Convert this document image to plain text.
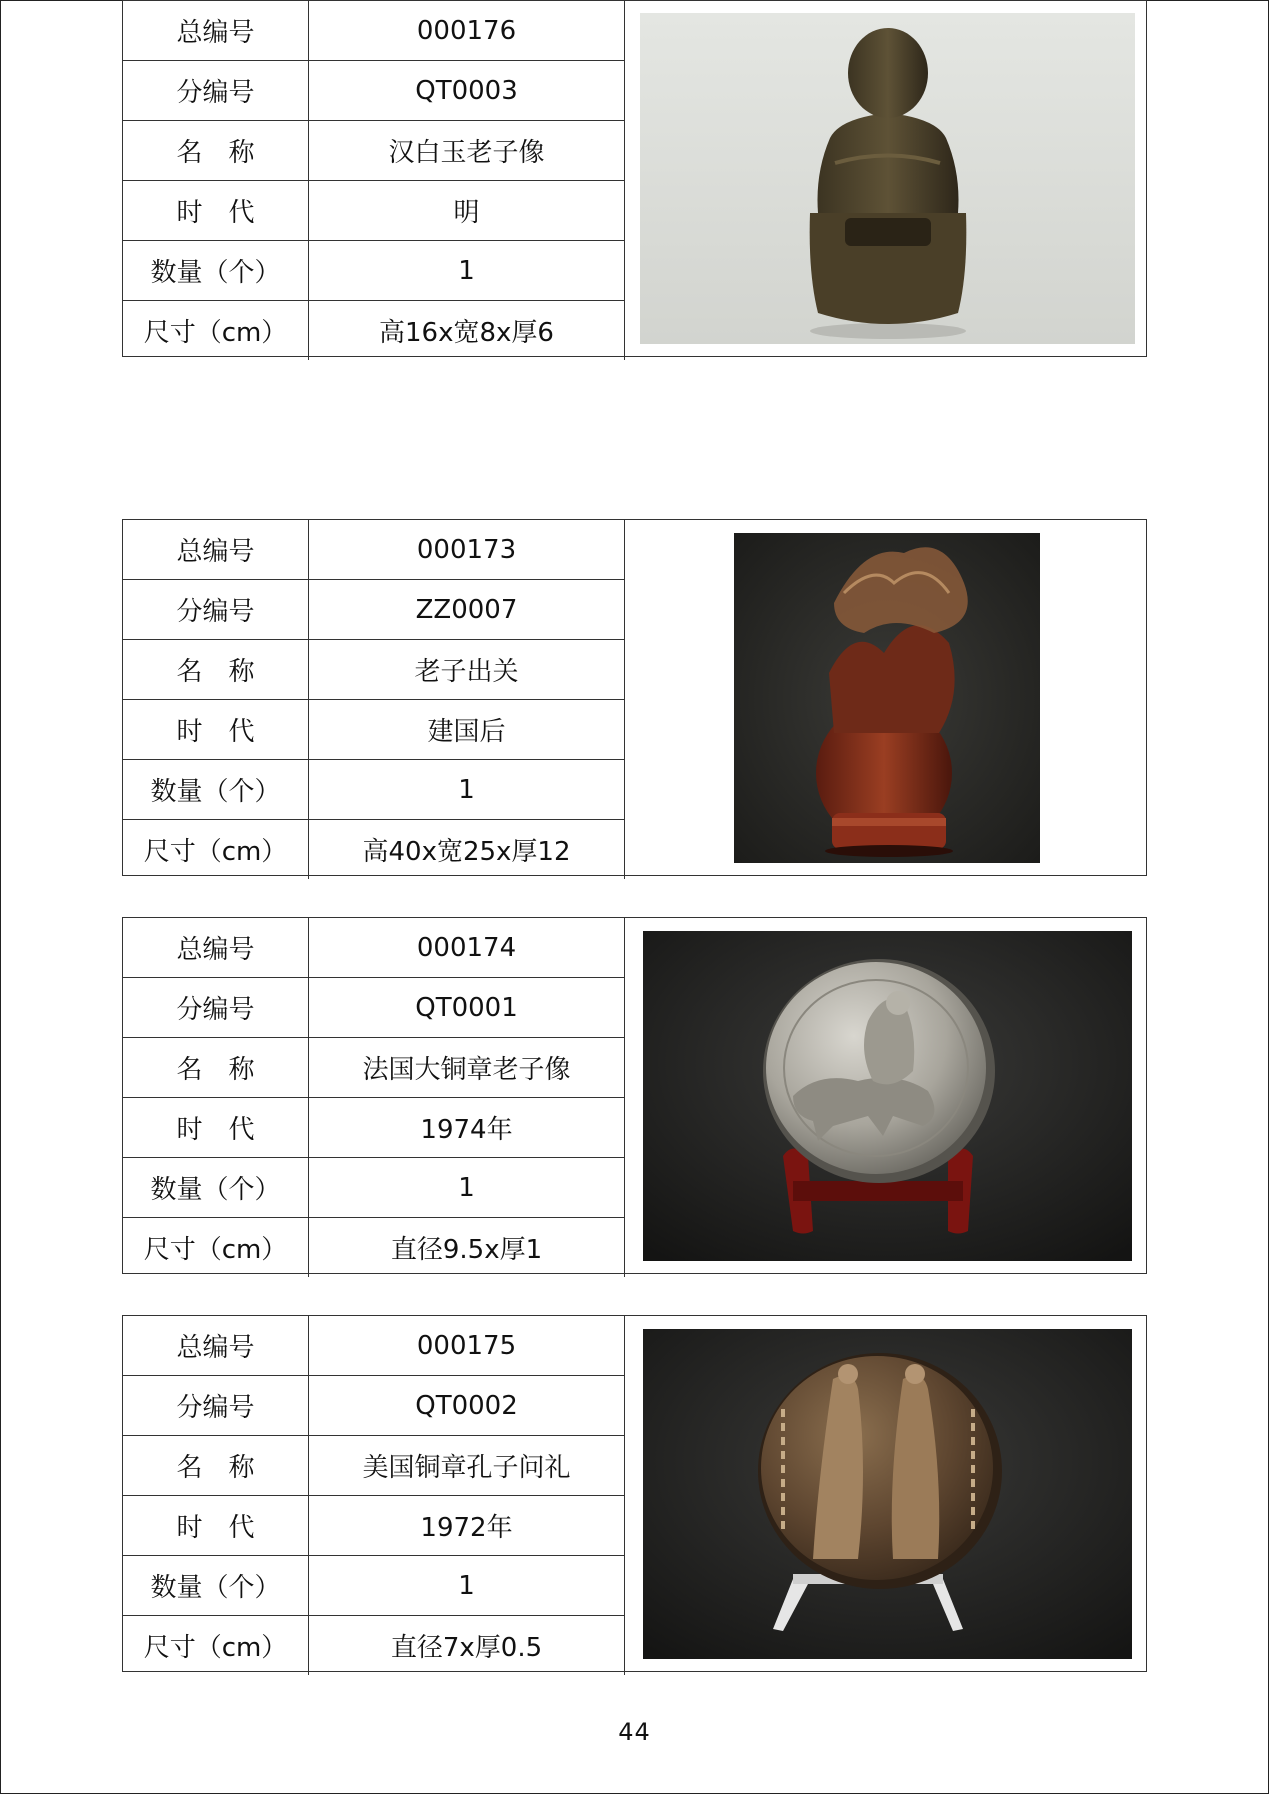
总编号	000173
分编号	ZZ0007
名　称	老子出关
时　代	建国后
数量（个）	1
尺寸（cm）	高40x宽25x厚12
总编号	000174
分编号	QT0001
名　称	法国大铜章老子像
时　代	1974年
数量（个）	1
尺寸（cm）	直径9.5x厚1
总编号	000175
分编号	QT0002
名　称	美国铜章孔子问礼
时　代	1972年
数量（个）	1
尺寸（cm）	直径7x厚0.5
总编号	000176
分编号	QT0003
名　称	汉白玉老子像
时　代	明
数量（个）	1
尺寸（cm）	高16x宽8x厚6
44
